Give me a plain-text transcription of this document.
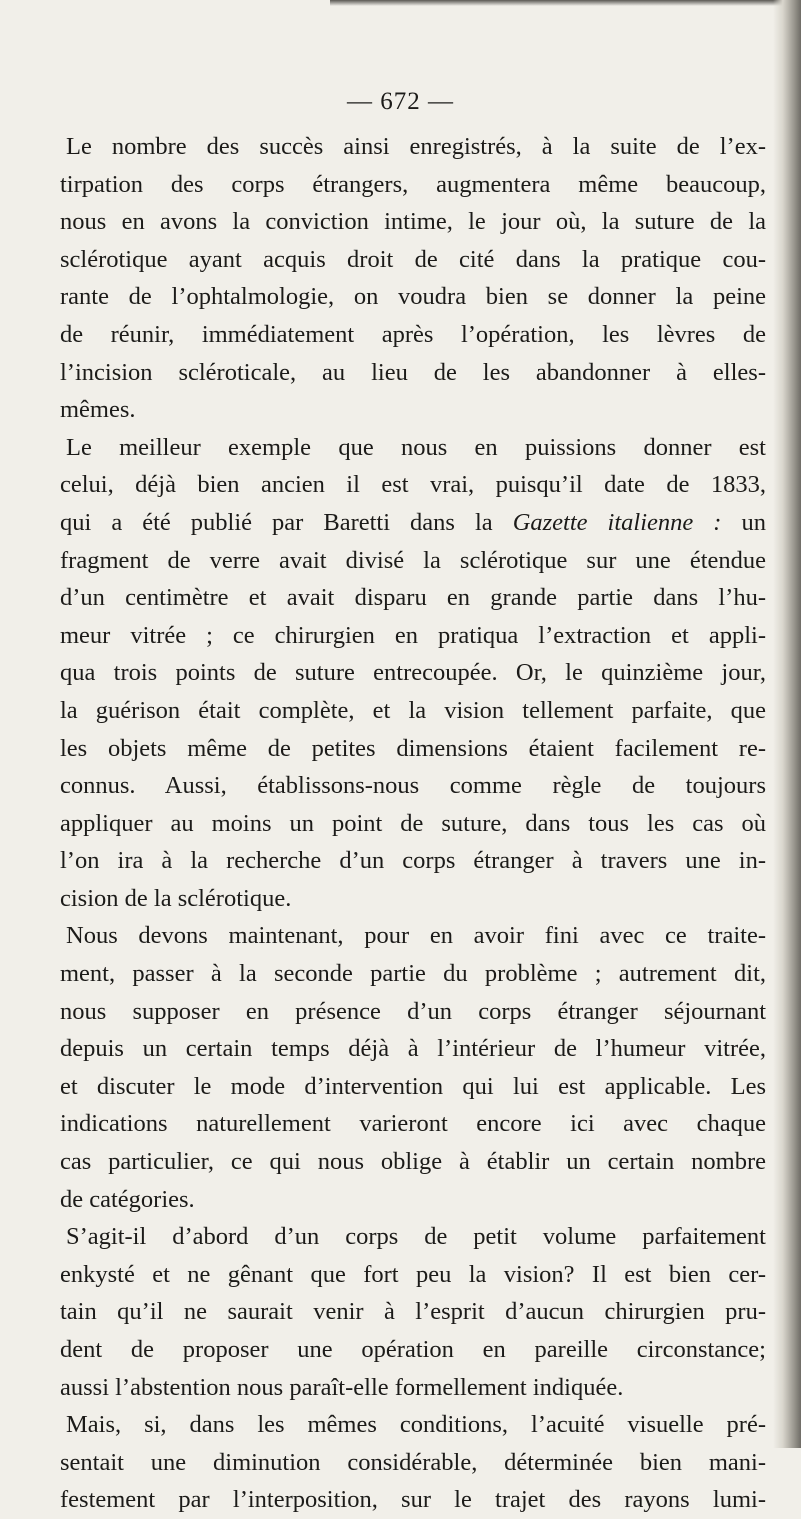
— 672 —
Le nombre des succès ainsi enregistrés, à la suite de l’ex-
tirpation des corps étrangers, augmentera même beaucoup,
nous en avons la conviction intime, le jour où, la suture de la
sclérotique ayant acquis droit de cité dans la pratique cou-
rante de l’ophtalmologie, on voudra bien se donner la peine
de réunir, immédiatement après l’opération, les lèvres de
l’incision scléroticale, au lieu de les abandonner à elles-
mêmes.
Le meilleur exemple que nous en puissions donner est
celui, déjà bien ancien il est vrai, puisqu’il date de 1833,
qui a été publié par Baretti dans la Gazette italienne : un
fragment de verre avait divisé la sclérotique sur une étendue
d’un centimètre et avait disparu en grande partie dans l’hu-
meur vitrée ; ce chirurgien en pratiqua l’extraction et appli-
qua trois points de suture entrecoupée. Or, le quinzième jour,
la guérison était complète, et la vision tellement parfaite, que
les objets même de petites dimensions étaient facilement re-
connus. Aussi, établissons-nous comme règle de toujours
appliquer au moins un point de suture, dans tous les cas où
l’on ira à la recherche d’un corps étranger à travers une in-
cision de la sclérotique.
Nous devons maintenant, pour en avoir fini avec ce traite-
ment, passer à la seconde partie du problème ; autrement dit,
nous supposer en présence d’un corps étranger séjournant
depuis un certain temps déjà à l’intérieur de l’humeur vitrée,
et discuter le mode d’intervention qui lui est applicable. Les
indications naturellement varieront encore ici avec chaque
cas particulier, ce qui nous oblige à établir un certain nombre
de catégories.
S’agit-il d’abord d’un corps de petit volume parfaitement
enkysté et ne gênant que fort peu la vision? Il est bien cer-
tain qu’il ne saurait venir à l’esprit d’aucun chirurgien pru-
dent de proposer une opération en pareille circonstance;
aussi l’abstention nous paraît-elle formellement indiquée.
Mais, si, dans les mêmes conditions, l’acuité visuelle pré-
sentait une diminution considérable, déterminée bien mani-
festement par l’interposition, sur le trajet des rayons lumi-
